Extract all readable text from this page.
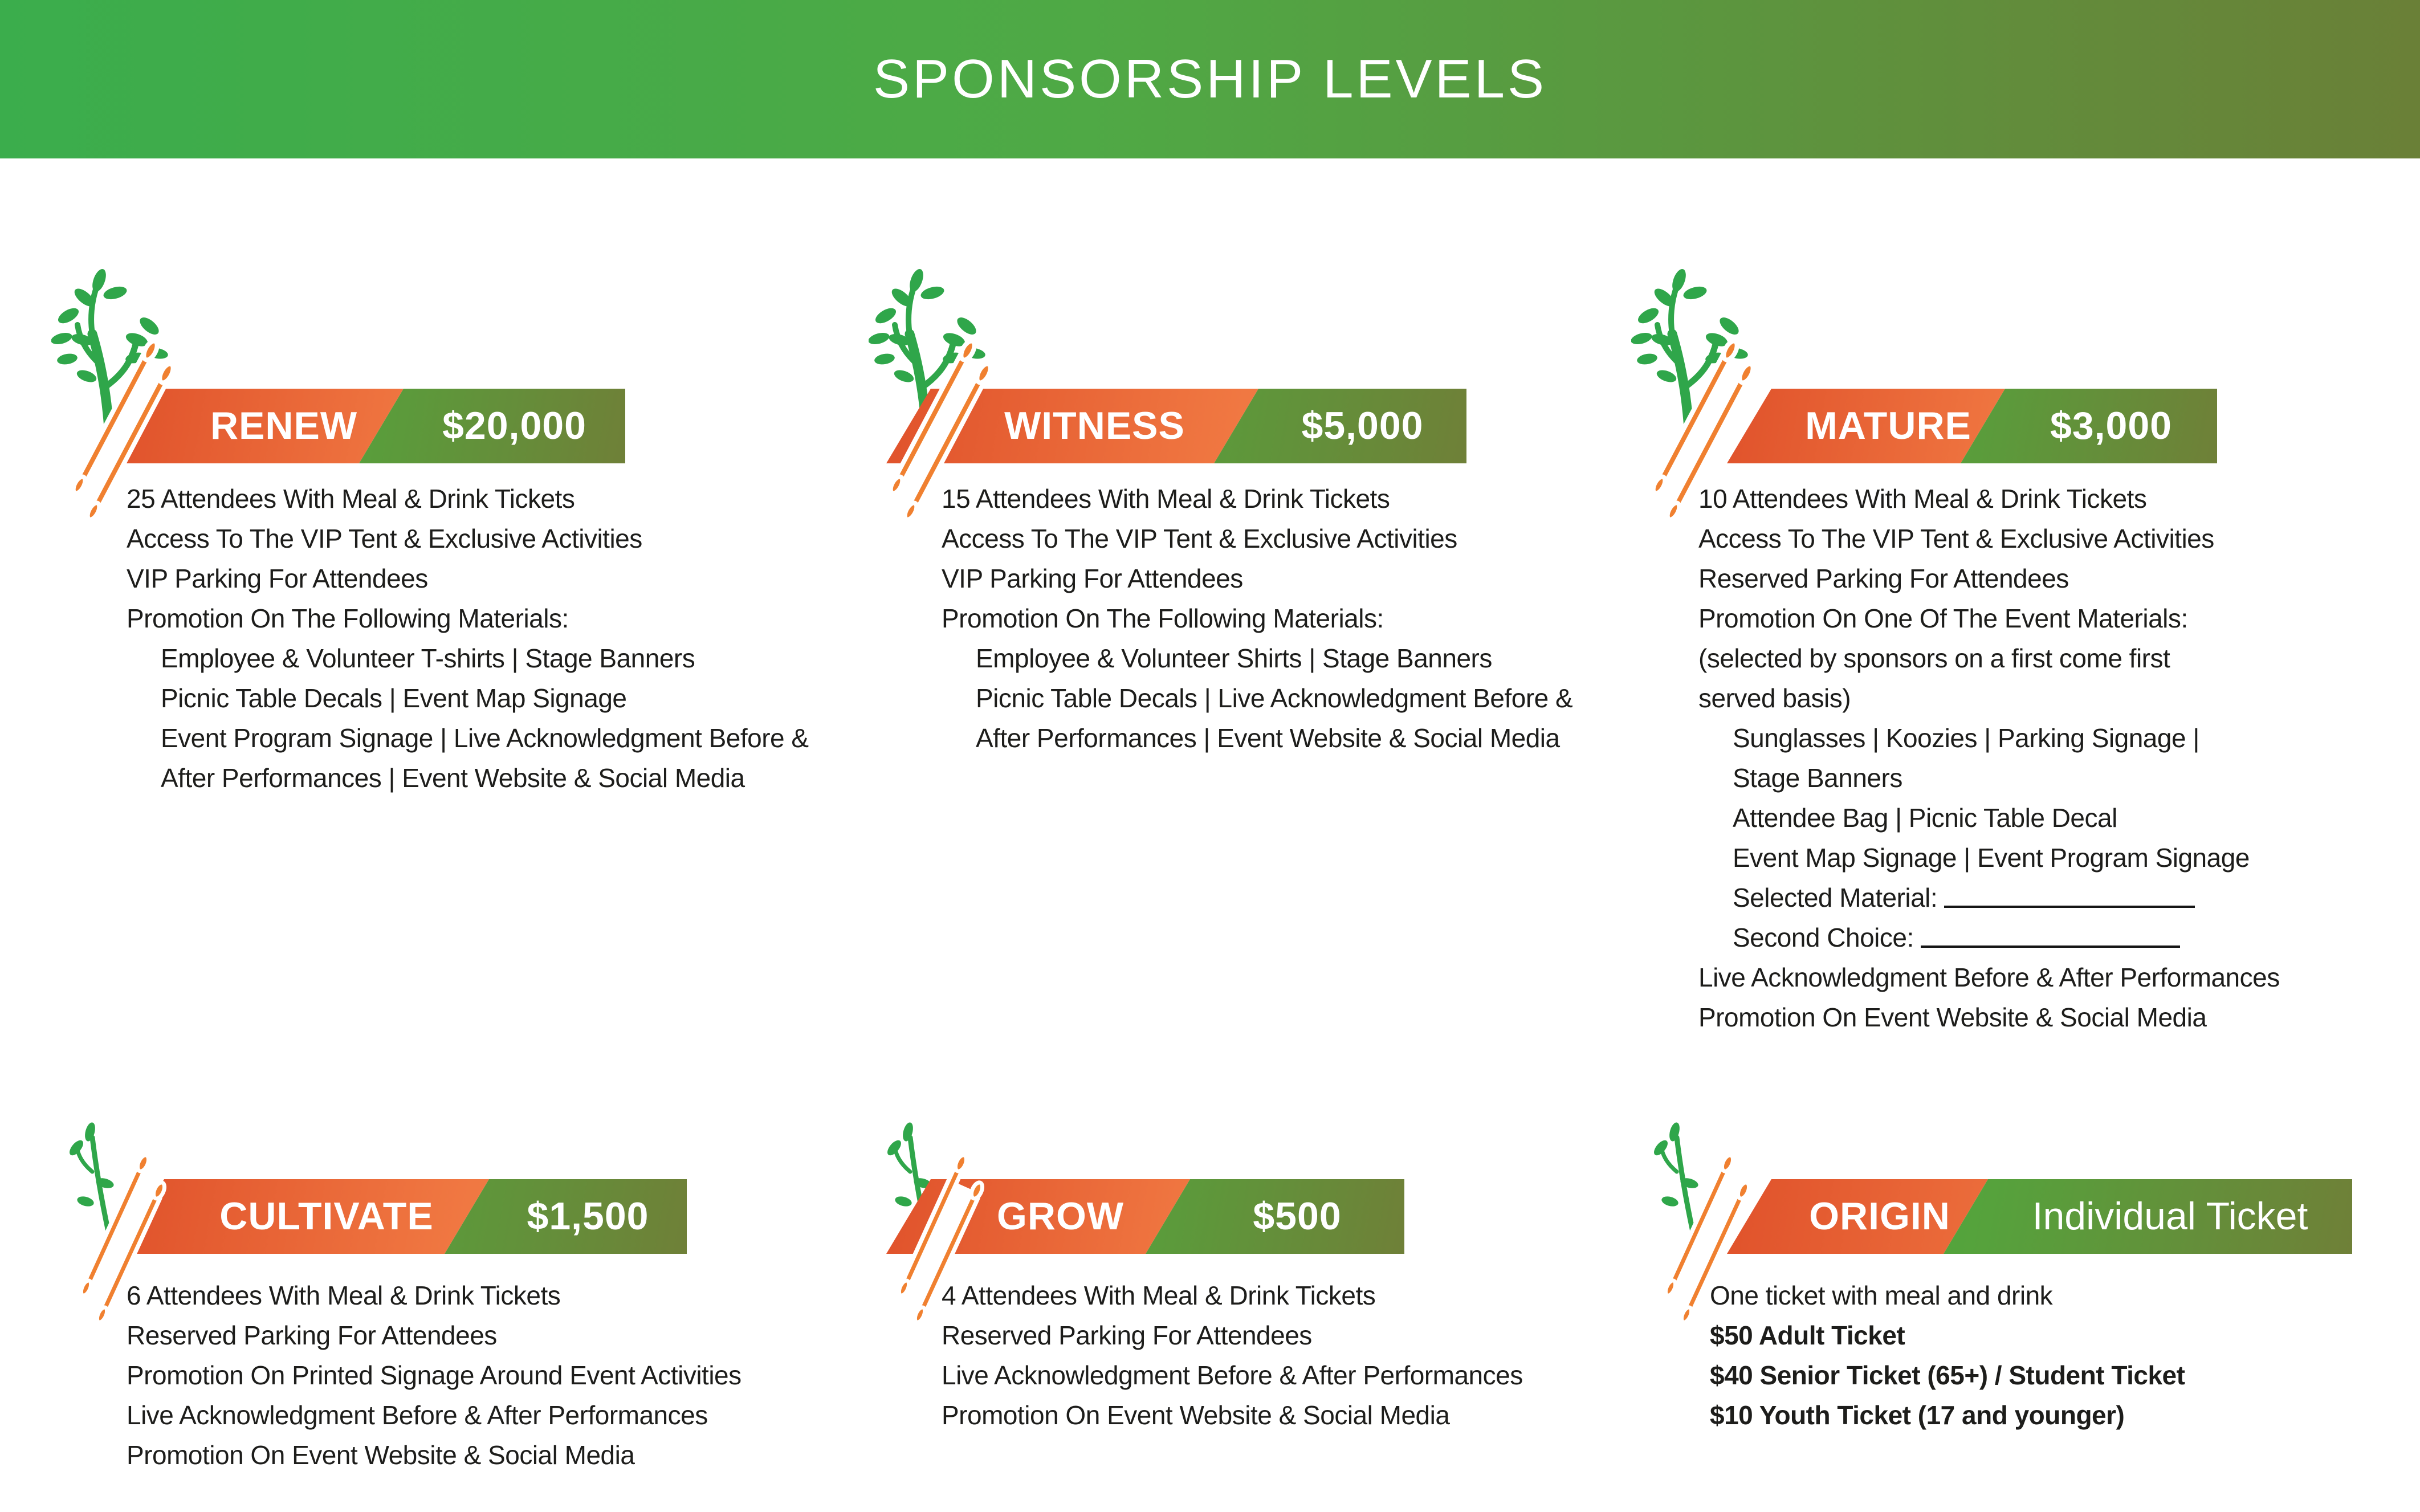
SPONSORSHIP LEVELS
RENEW	$20,000
25 Attendees With Meal & Drink Tickets
Access To The VIP Tent & Exclusive Activities
VIP Parking For Attendees
Promotion On The Following Materials:
Employee & Volunteer T-shirts | Stage Banners
Picnic Table Decals | Event Map Signage
Event Program Signage | Live Acknowledgment Before &
After Performances | Event Website & Social Media
WITNESS	$5,000
15 Attendees With Meal & Drink Tickets
Access To The VIP Tent & Exclusive Activities
VIP Parking For Attendees
Promotion On The Following Materials:
Employee & Volunteer Shirts | Stage Banners
Picnic Table Decals | Live Acknowledgment Before &
After Performances | Event Website & Social Media
MATURE	$3,000
10 Attendees With Meal & Drink Tickets
Access To The VIP Tent & Exclusive Activities
Reserved Parking For Attendees
Promotion On One Of The Event Materials:
(selected by sponsors on a first come first
served basis)
Sunglasses | Koozies | Parking Signage |
Stage Banners
Attendee Bag | Picnic Table Decal
Event Map Signage | Event Program Signage
Selected Material:
Second Choice:
Live Acknowledgment Before & After Performances
Promotion On Event Website & Social Media
CULTIVATE	$1,500
6 Attendees With Meal & Drink Tickets
Reserved Parking For Attendees
Promotion On Printed Signage Around Event Activities
Live Acknowledgment Before & After Performances
Promotion On Event Website & Social Media
GROW	$500
4 Attendees With Meal & Drink Tickets
Reserved Parking For Attendees
Live Acknowledgment Before & After Performances
Promotion On Event Website & Social Media
ORIGIN	Individual Ticket
One ticket with meal and drink
$50 Adult Ticket
$40 Senior Ticket (65+) / Student Ticket
$10 Youth Ticket (17 and younger)
